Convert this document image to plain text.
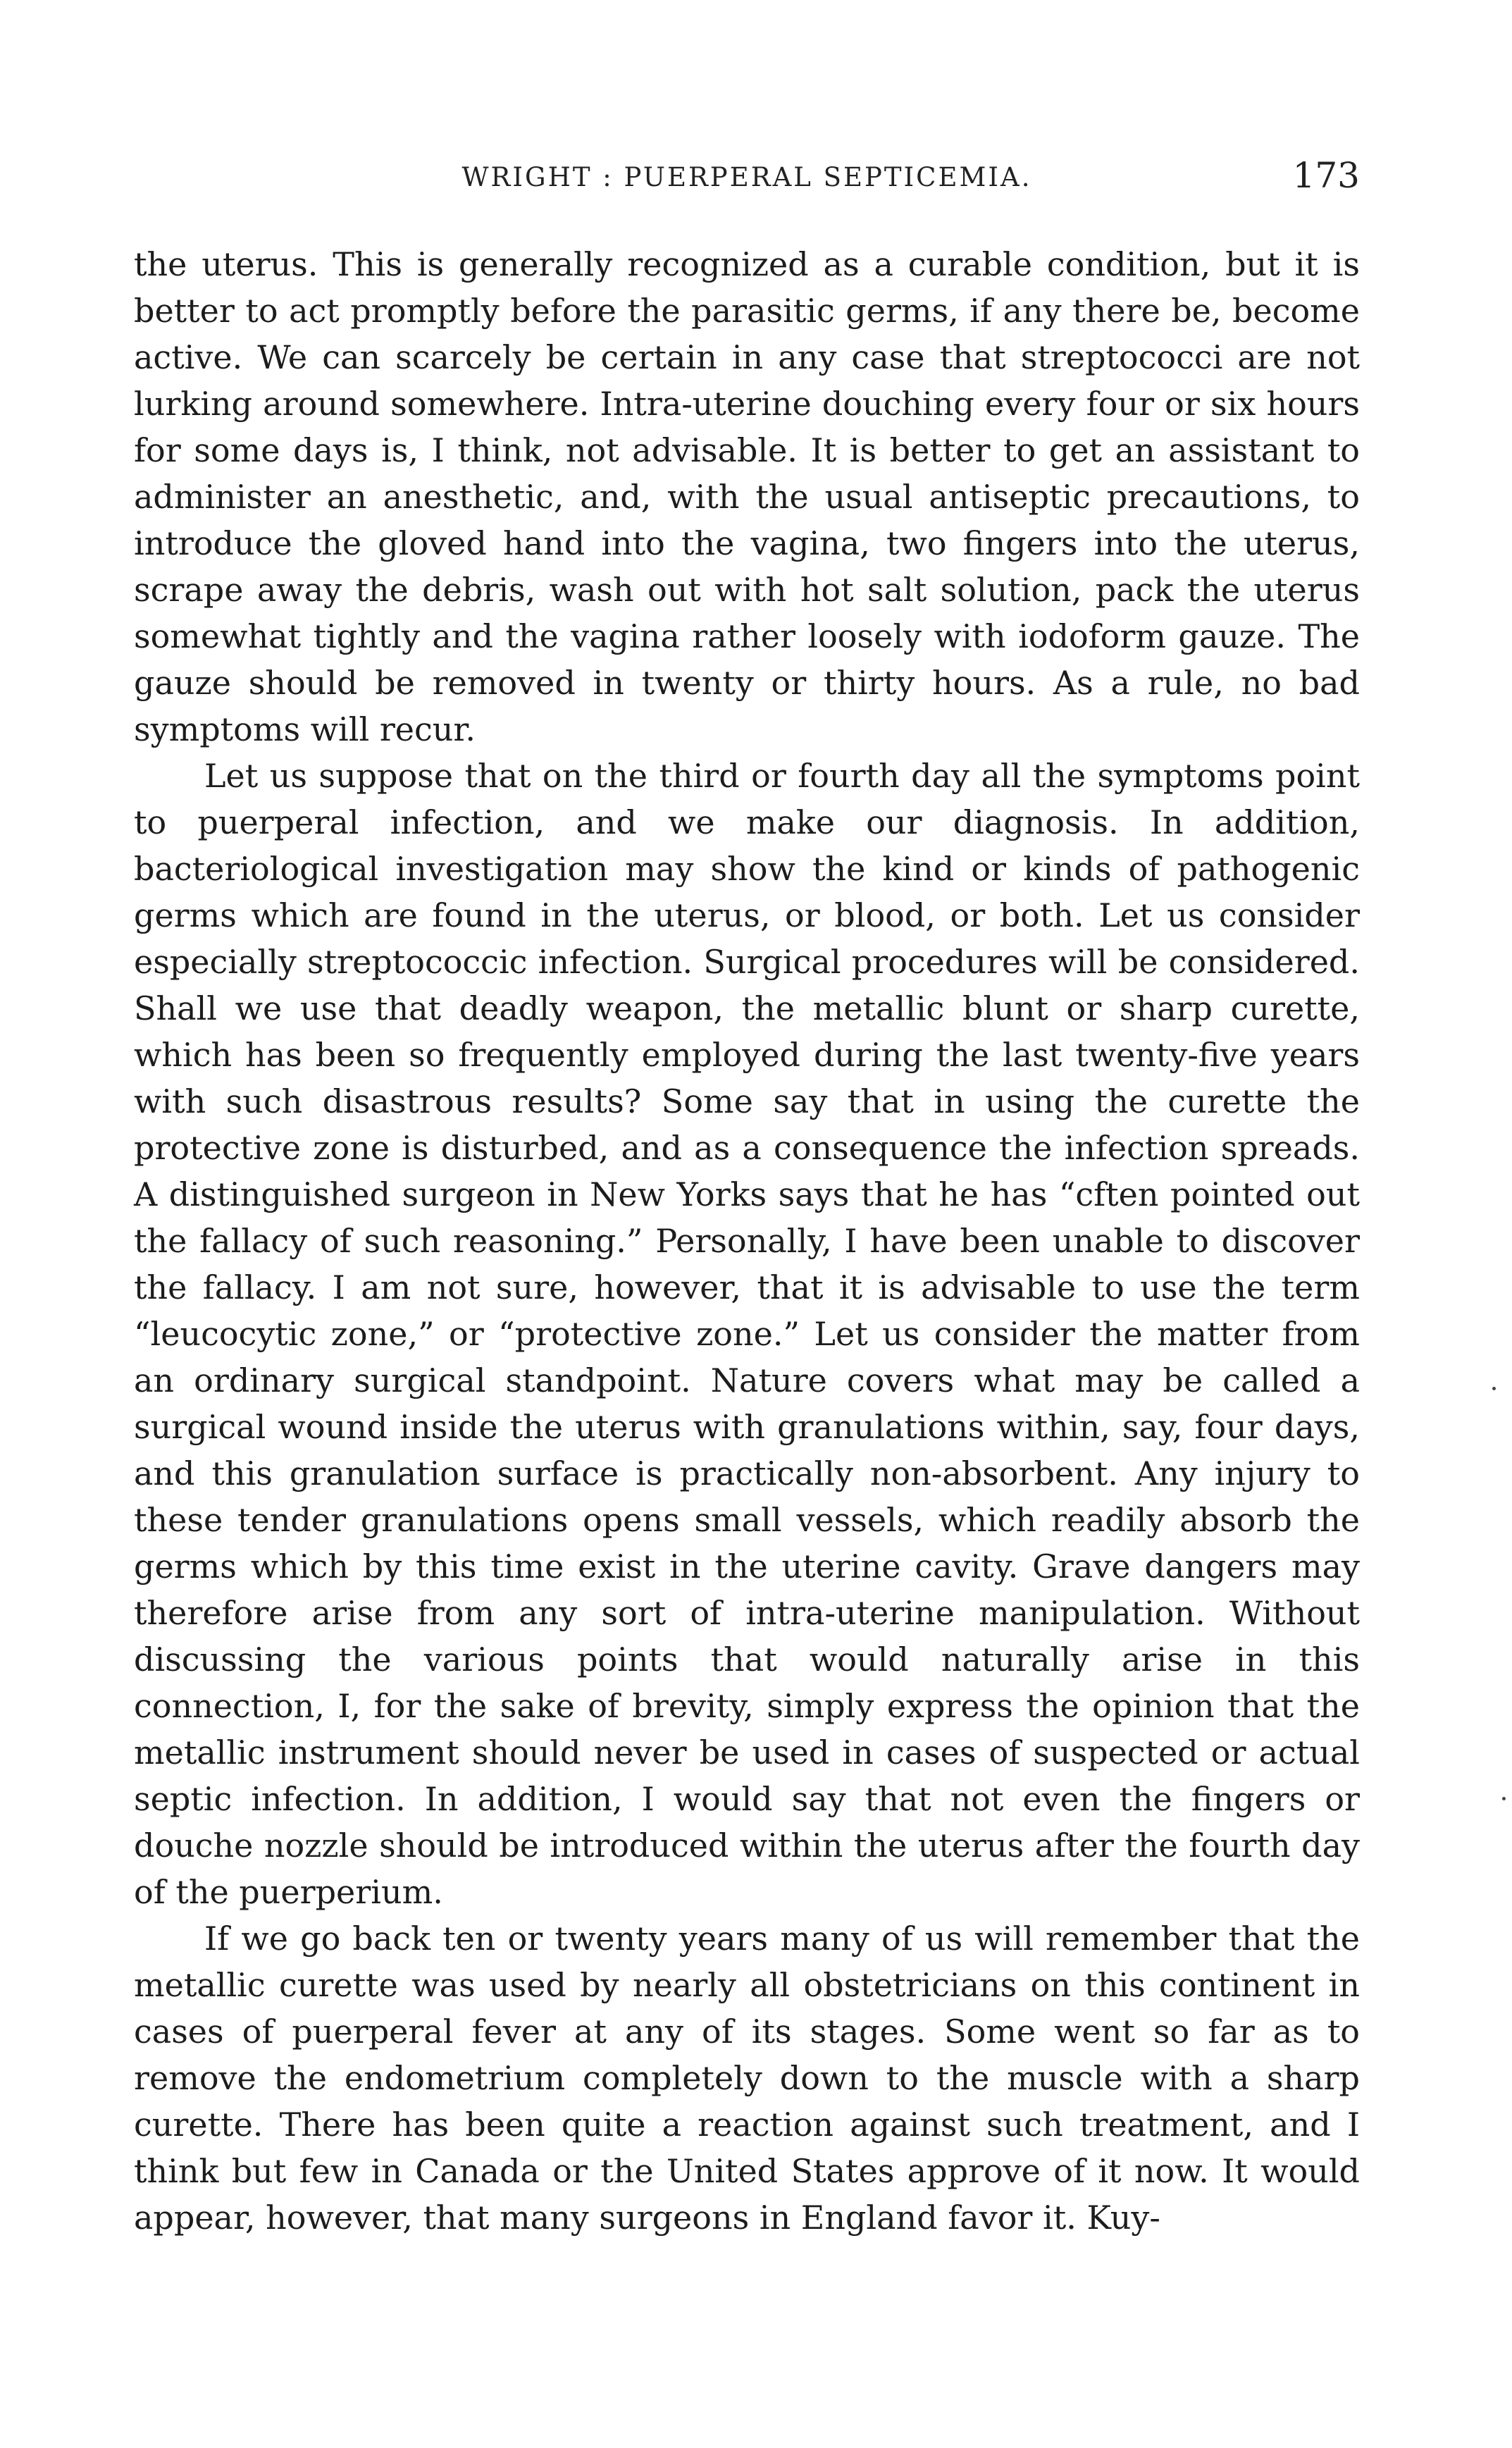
WRIGHT : PUERPERAL SEPTICEMIA.	173

the uterus. This is generally recognized as a curable condition, but it is better to act promptly before the parasitic germs, if any there be, become active. We can scarcely be certain in any case that streptococci are not lurking around somewhere. Intra-uterine douching every four or six hours for some days is, I think, not advisable. It is better to get an assistant to administer an anesthetic, and, with the usual antiseptic precautions, to introduce the gloved hand into the vagina, two fingers into the uterus, scrape away the debris, wash out with hot salt solution, pack the uterus somewhat tightly and the vagina rather loosely with iodoform gauze. The gauze should be removed in twenty or thirty hours. As a rule, no bad symptoms will recur.

Let us suppose that on the third or fourth day all the symptoms point to puerperal infection, and we make our diagnosis. In addition, bacteriological investigation may show the kind or kinds of pathogenic germs which are found in the uterus, or blood, or both. Let us consider especially streptococcic infection. Surgical procedures will be considered. Shall we use that deadly weapon, the metallic blunt or sharp curette, which has been so frequently employed during the last twenty-five years with such disastrous results? Some say that in using the curette the protective zone is disturbed, and as a consequence the infection spreads. A distinguished surgeon in New Yorks says that he has “cften pointed out the fallacy of such reasoning.” Personally, I have been unable to discover the fallacy. I am not sure, however, that it is advisable to use the term “leucocytic zone,” or “protective zone.” Let us consider the matter from an ordinary surgical standpoint. Nature covers what may be called a surgical wound inside the uterus with granulations within, say, four days, and this granulation surface is practically non-absorbent. Any injury to these tender granulations opens small vessels, which readily absorb the germs which by this time exist in the uterine cavity. Grave dangers may therefore arise from any sort of intra-uterine manipulation. Without discussing the various points that would naturally arise in this connection, I, for the sake of brevity, simply express the opinion that the metallic instrument should never be used in cases of suspected or actual septic infection. In addition, I would say that not even the fingers or douche nozzle should be introduced within the uterus after the fourth day of the puerperium.

If we go back ten or twenty years many of us will remember that the metallic curette was used by nearly all obstetricians on this continent in cases of puerperal fever at any of its stages. Some went so far as to remove the endometrium completely down to the muscle with a sharp curette. There has been quite a reaction against such treatment, and I think but few in Canada or the United States approve of it now. It would appear, however, that many surgeons in England favor it. Kuy-
